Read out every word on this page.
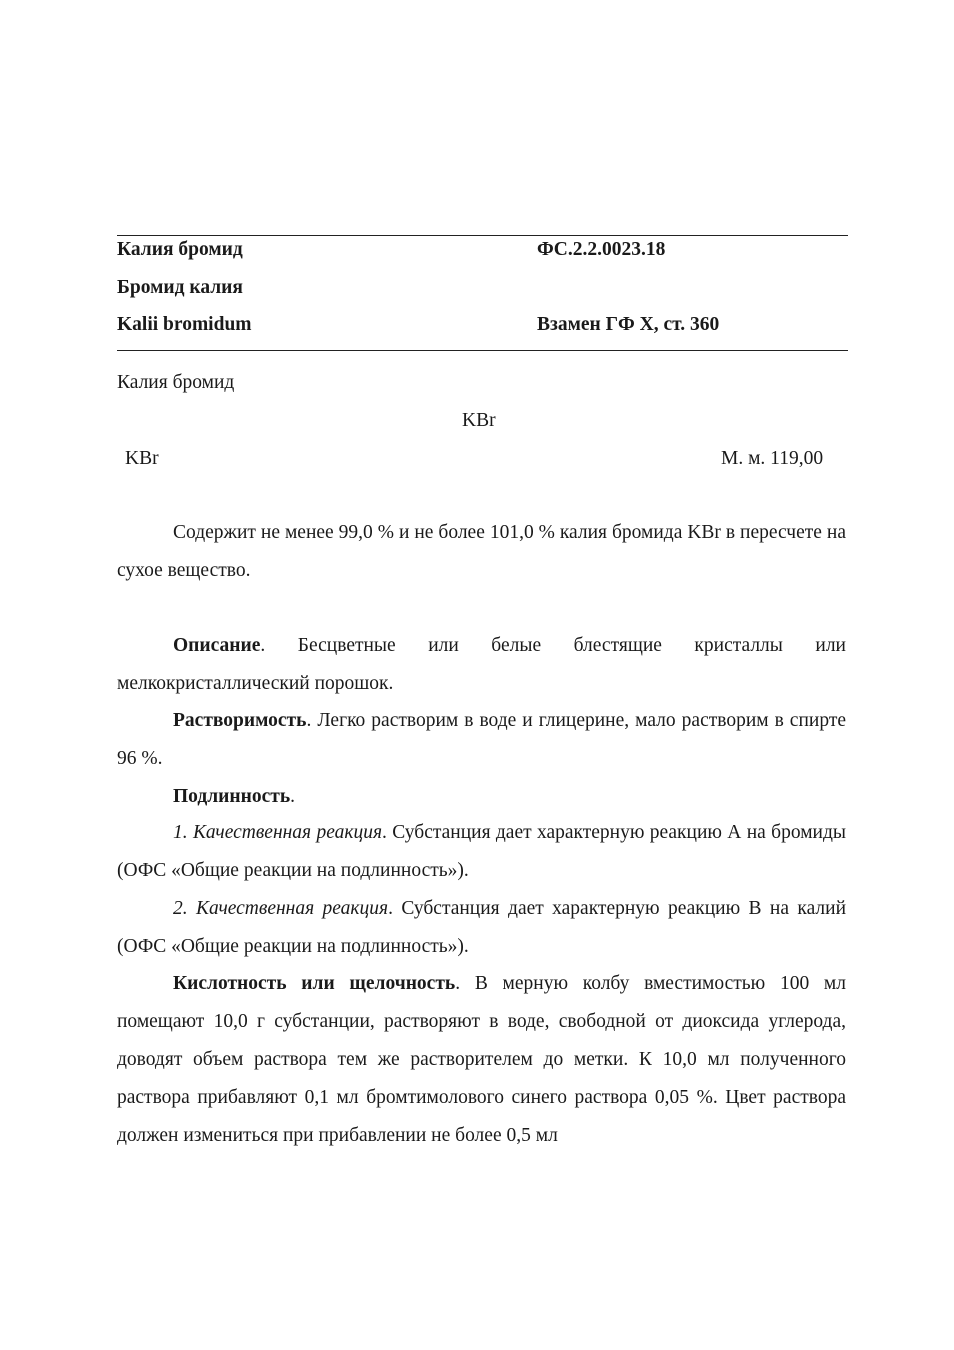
Калия бромид	ФС.2.2.0023.18
Бромид калия
Kalii bromidum	Взамен ГФ X, ст. 360
Калия бромид
KBr
KBr	М. м. 119,00

Содержит не менее 99,0 % и не более 101,0 % калия бромида KBr в пересчете на сухое вещество.

Описание. Бесцветные или белые блестящие кристаллы или мелкокристаллический порошок.

Растворимость. Легко растворим в воде и глицерине, мало растворим в спирте 96 %.

Подлинность.

1. Качественная реакция. Субстанция дает характерную реакцию А на бромиды (ОФС «Общие реакции на подлинность»).

2. Качественная реакция. Субстанция дает характерную реакцию В на калий (ОФС «Общие реакции на подлинность»).

Кислотность или щелочность. В мерную колбу вместимостью 100 мл помещают 10,0 г субстанции, растворяют в воде, свободной от диоксида углерода, доводят объем раствора тем же растворителем до метки. К 10,0 мл полученного раствора прибавляют 0,1 мл бромтимолового синего раствора 0,05 %. Цвет раствора должен измениться при прибавлении не более 0,5 мл
